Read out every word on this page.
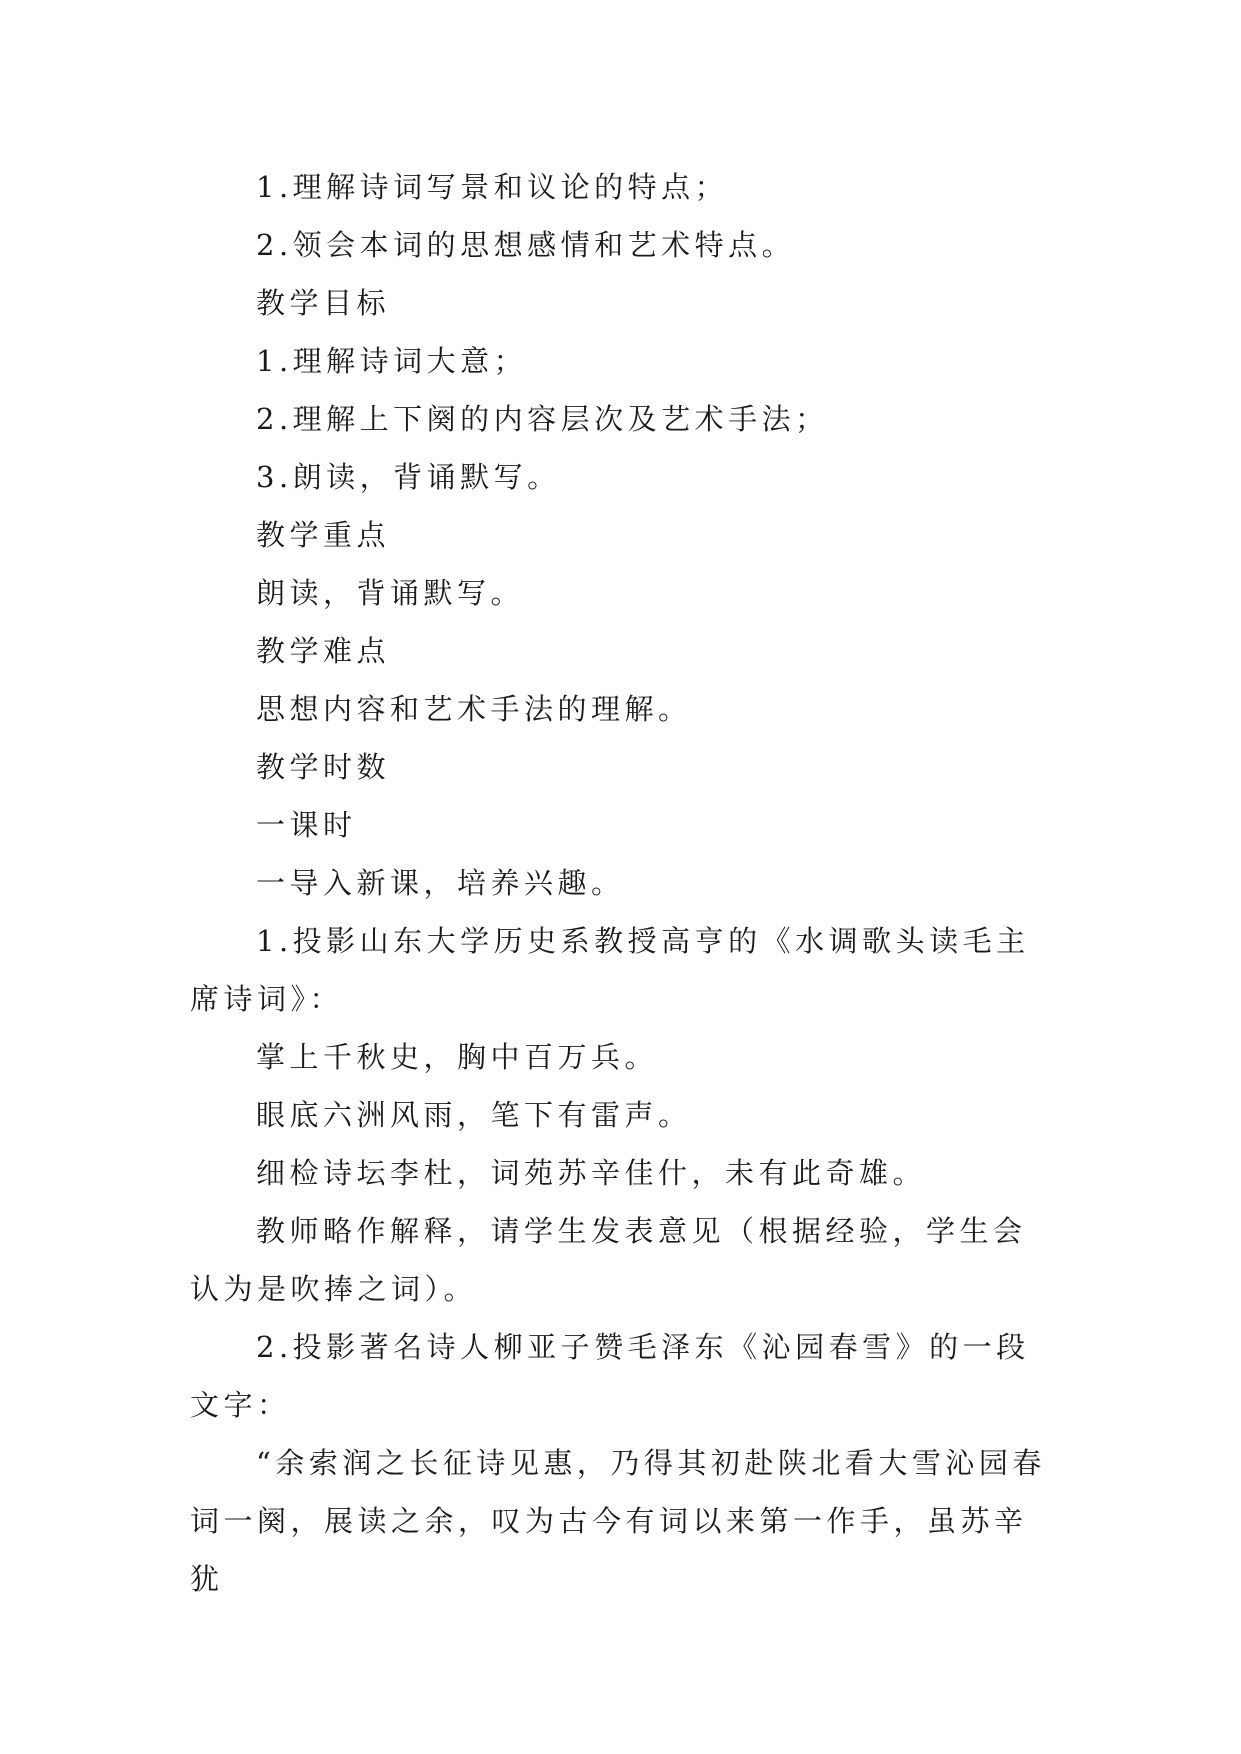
1.理解诗词写景和议论的特点；

2.领会本词的思想感情和艺术特点。

教学目标

1.理解诗词大意；

2.理解上下阕的内容层次及艺术手法；

3.朗读，背诵默写。

教学重点

朗读，背诵默写。

教学难点

思想内容和艺术手法的理解。

教学时数

一课时

一导入新课，培养兴趣。

1.投影山东大学历史系教授高亨的《水调歌头读毛主席诗词》：

掌上千秋史，胸中百万兵。

眼底六洲风雨，笔下有雷声。

细检诗坛李杜，词苑苏辛佳什，未有此奇雄。

教师略作解释，请学生发表意见（根据经验，学生会认为是吹捧之词）。

2.投影著名诗人柳亚子赞毛泽东《沁园春雪》的一段文字：

“余索润之长征诗见惠，乃得其初赴陕北看大雪沁园春词一阕，展读之余，叹为古今有词以来第一作手，虽苏辛犹
